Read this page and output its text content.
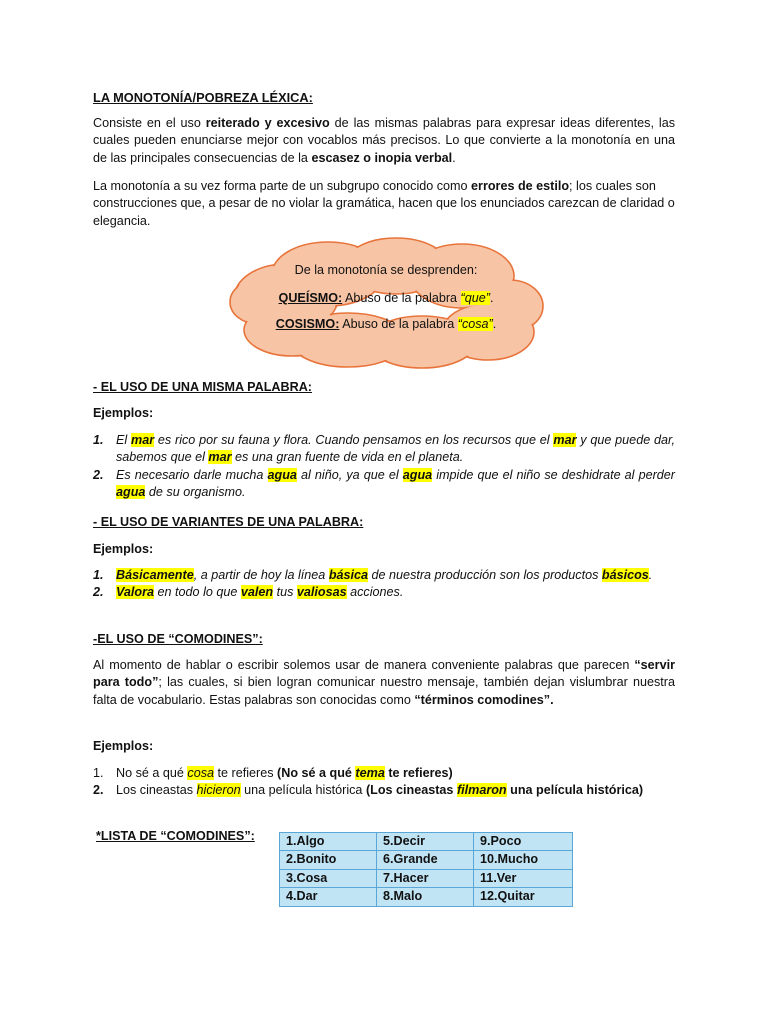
LA MONOTONÍA/POBREZA LÉXICA:
Consiste en el uso reiterado y excesivo de las mismas palabras para expresar ideas diferentes, las cuales pueden enunciarse mejor con vocablos más precisos. Lo que convierte a la monotonía en una de las principales consecuencias de la escasez o inopia verbal.
La monotonía a su vez forma parte de un subgrupo conocido como errores de estilo; los cuales son construcciones que, a pesar de no violar la gramática, hacen que los enunciados carezcan de claridad o elegancia.
De la monotonía se desprenden:
QUEÍSMO: Abuso de la palabra “que”.
COSISMO: Abuso de la palabra “cosa”.
- EL USO DE UNA MISMA PALABRA:
Ejemplos:
1. El mar es rico por su fauna y flora. Cuando pensamos en los recursos que el mar y que puede dar, sabemos que el mar es una gran fuente de vida en el planeta.
2. Es necesario darle mucha agua al niño, ya que el agua impide que el niño se deshidrate al perder agua de su organismo.
- EL USO DE VARIANTES DE UNA PALABRA:
Ejemplos:
1. Básicamente, a partir de hoy la línea básica de nuestra producción son los productos básicos.
2. Valora en todo lo que valen tus valiosas acciones.
-EL USO DE “COMODINES”:
Al momento de hablar o escribir solemos usar de manera conveniente palabras que parecen “servir para todo”; las cuales, si bien logran comunicar nuestro mensaje, también dejan vislumbrar nuestra falta de vocabulario. Estas palabras son conocidas como “términos comodines”.
Ejemplos:
1. No sé a qué cosa te refieres (No sé a qué tema te refieres)
2. Los cineastas hicieron una película histórica (Los cineastas filmaron una película histórica)
*LISTA DE “COMODINES”: 1.Algo	5.Decir	9.Poco
2.Bonito	6.Grande	10.Mucho
3.Cosa	7.Hacer	11.Ver
4.Dar	8.Malo	12.Quitar
